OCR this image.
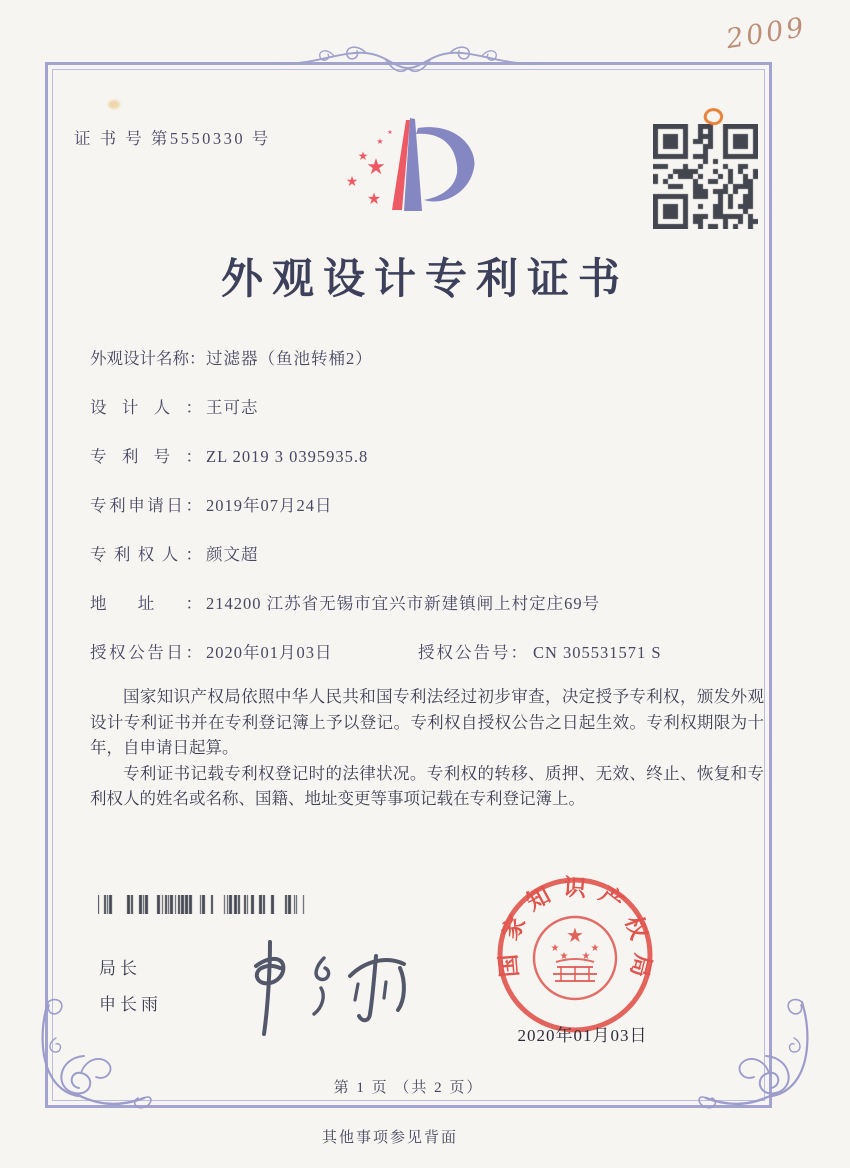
2009
证 书 号 第5550330 号
★
★
★
★
★
★
外观设计专利证书
外观设计名称：过滤器（鱼池转桶2）
设计人： 王可志
专利号： ZL 2019 3 0395935.8
专利申请日： 2019年07月24日
专利权人： 颜文超
地址： 214200 江苏省无锡市宜兴市新建镇闸上村定庄69号
授权公告日： 2020年01月03日	授权公告号： CN 305531571 S

国家知识产权局依照中华人民共和国专利法经过初步审查，决定授予专利权，颁发外观设计专利证书并在专利登记簿上予以登记。专利权自授权公告之日起生效。专利权期限为十年，自申请日起算。

专利证书记载专利权登记时的法律状况。专利权的转移、质押、无效、终止、恢复和专利权人的姓名或名称、国籍、地址变更等事项记载在专利登记簿上。

局长
申长雨
国家知识产权局
★
★
★ ★
★
2020年01月03日
第 1 页 （共 2 页）
其他事项参见背面
